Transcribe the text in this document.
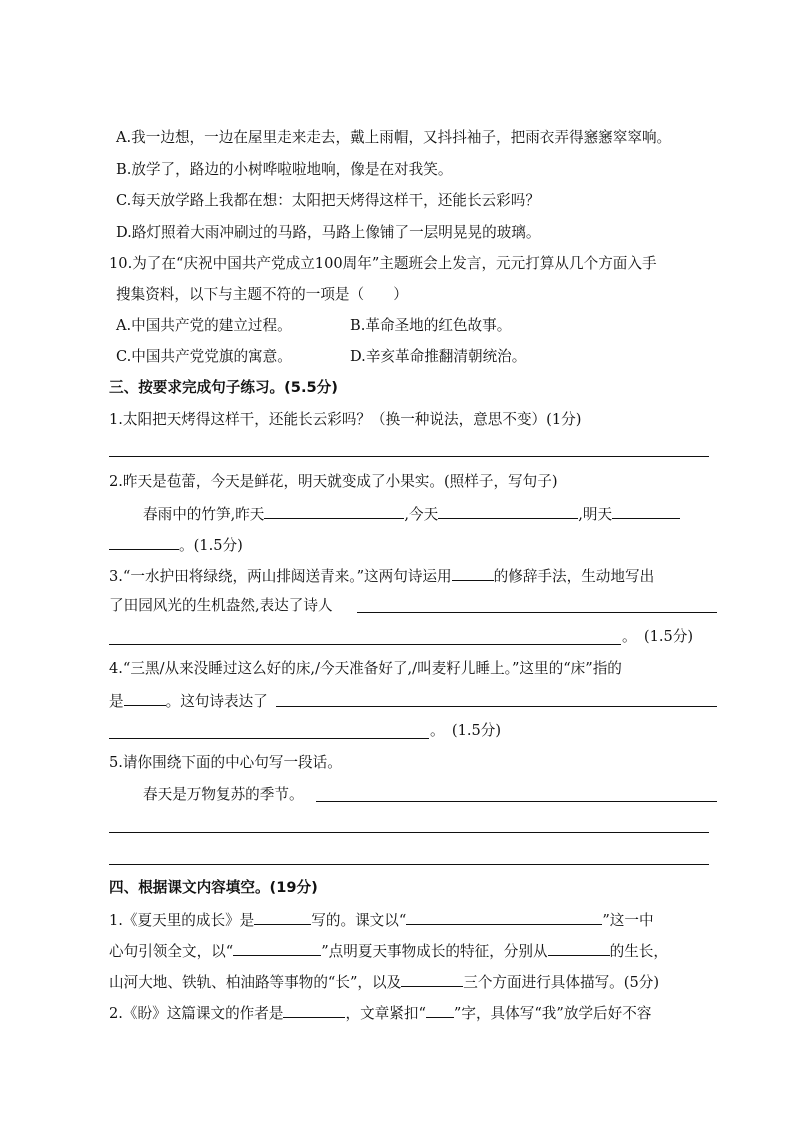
A.我一边想，一边在屋里走来走去，戴上雨帽，又抖抖袖子，把雨衣弄得窸窸窣窣响。
B.放学了，路边的小树哗啦啦地响，像是在对我笑。
C.每天放学路上我都在想：太阳把天烤得这样干，还能长云彩吗？
D.路灯照着大雨冲刷过的马路，马路上像铺了一层明晃晃的玻璃。
10.为了在“庆祝中国共产党成立100周年”主题班会上发言，元元打算从几个方面入手
搜集资料，以下与主题不符的一项是（　　）
A.中国共产党的建立过程。	B.革命圣地的红色故事。
C.中国共产党党旗的寓意。	D.辛亥革命推翻清朝统治。
三、按要求完成句子练习。(5.5分)
1.太阳把天烤得这样干，还能长云彩吗？（换一种说法，意思不变）(1分)
2.昨天是苞蕾，今天是鲜花，明天就变成了小果实。(照样子，写句子)
春雨中的竹笋,昨天	,今天	,明天
。(1.5分)
3.“一水护田将绿绕，两山排闼送青来。”这两句诗运用	的修辞手法，生动地写出
了田园风光的生机盎然,表达了诗人
。　(1.5分)
4.“三黑/从来没睡过这么好的床,/今天准备好了,/叫麦籽儿睡上。”这里的“床”指的
是	。这句诗表达了
。　(1.5分)
5.请你围绕下面的中心句写一段话。
春天是万物复苏的季节。
四、根据课文内容填空。(19分)
1.《夏天里的成长》是	写的。课文以“	”这一中
心句引领全文，以“	”点明夏天事物成长的特征，分别从	的生长，
山河大地、铁轨、柏油路等事物的“长”，以及	三个方面进行具体描写。(5分)
2.《盼》这篇课文的作者是	，文章紧扣“ ”字，具体写“我”放学后好不容
